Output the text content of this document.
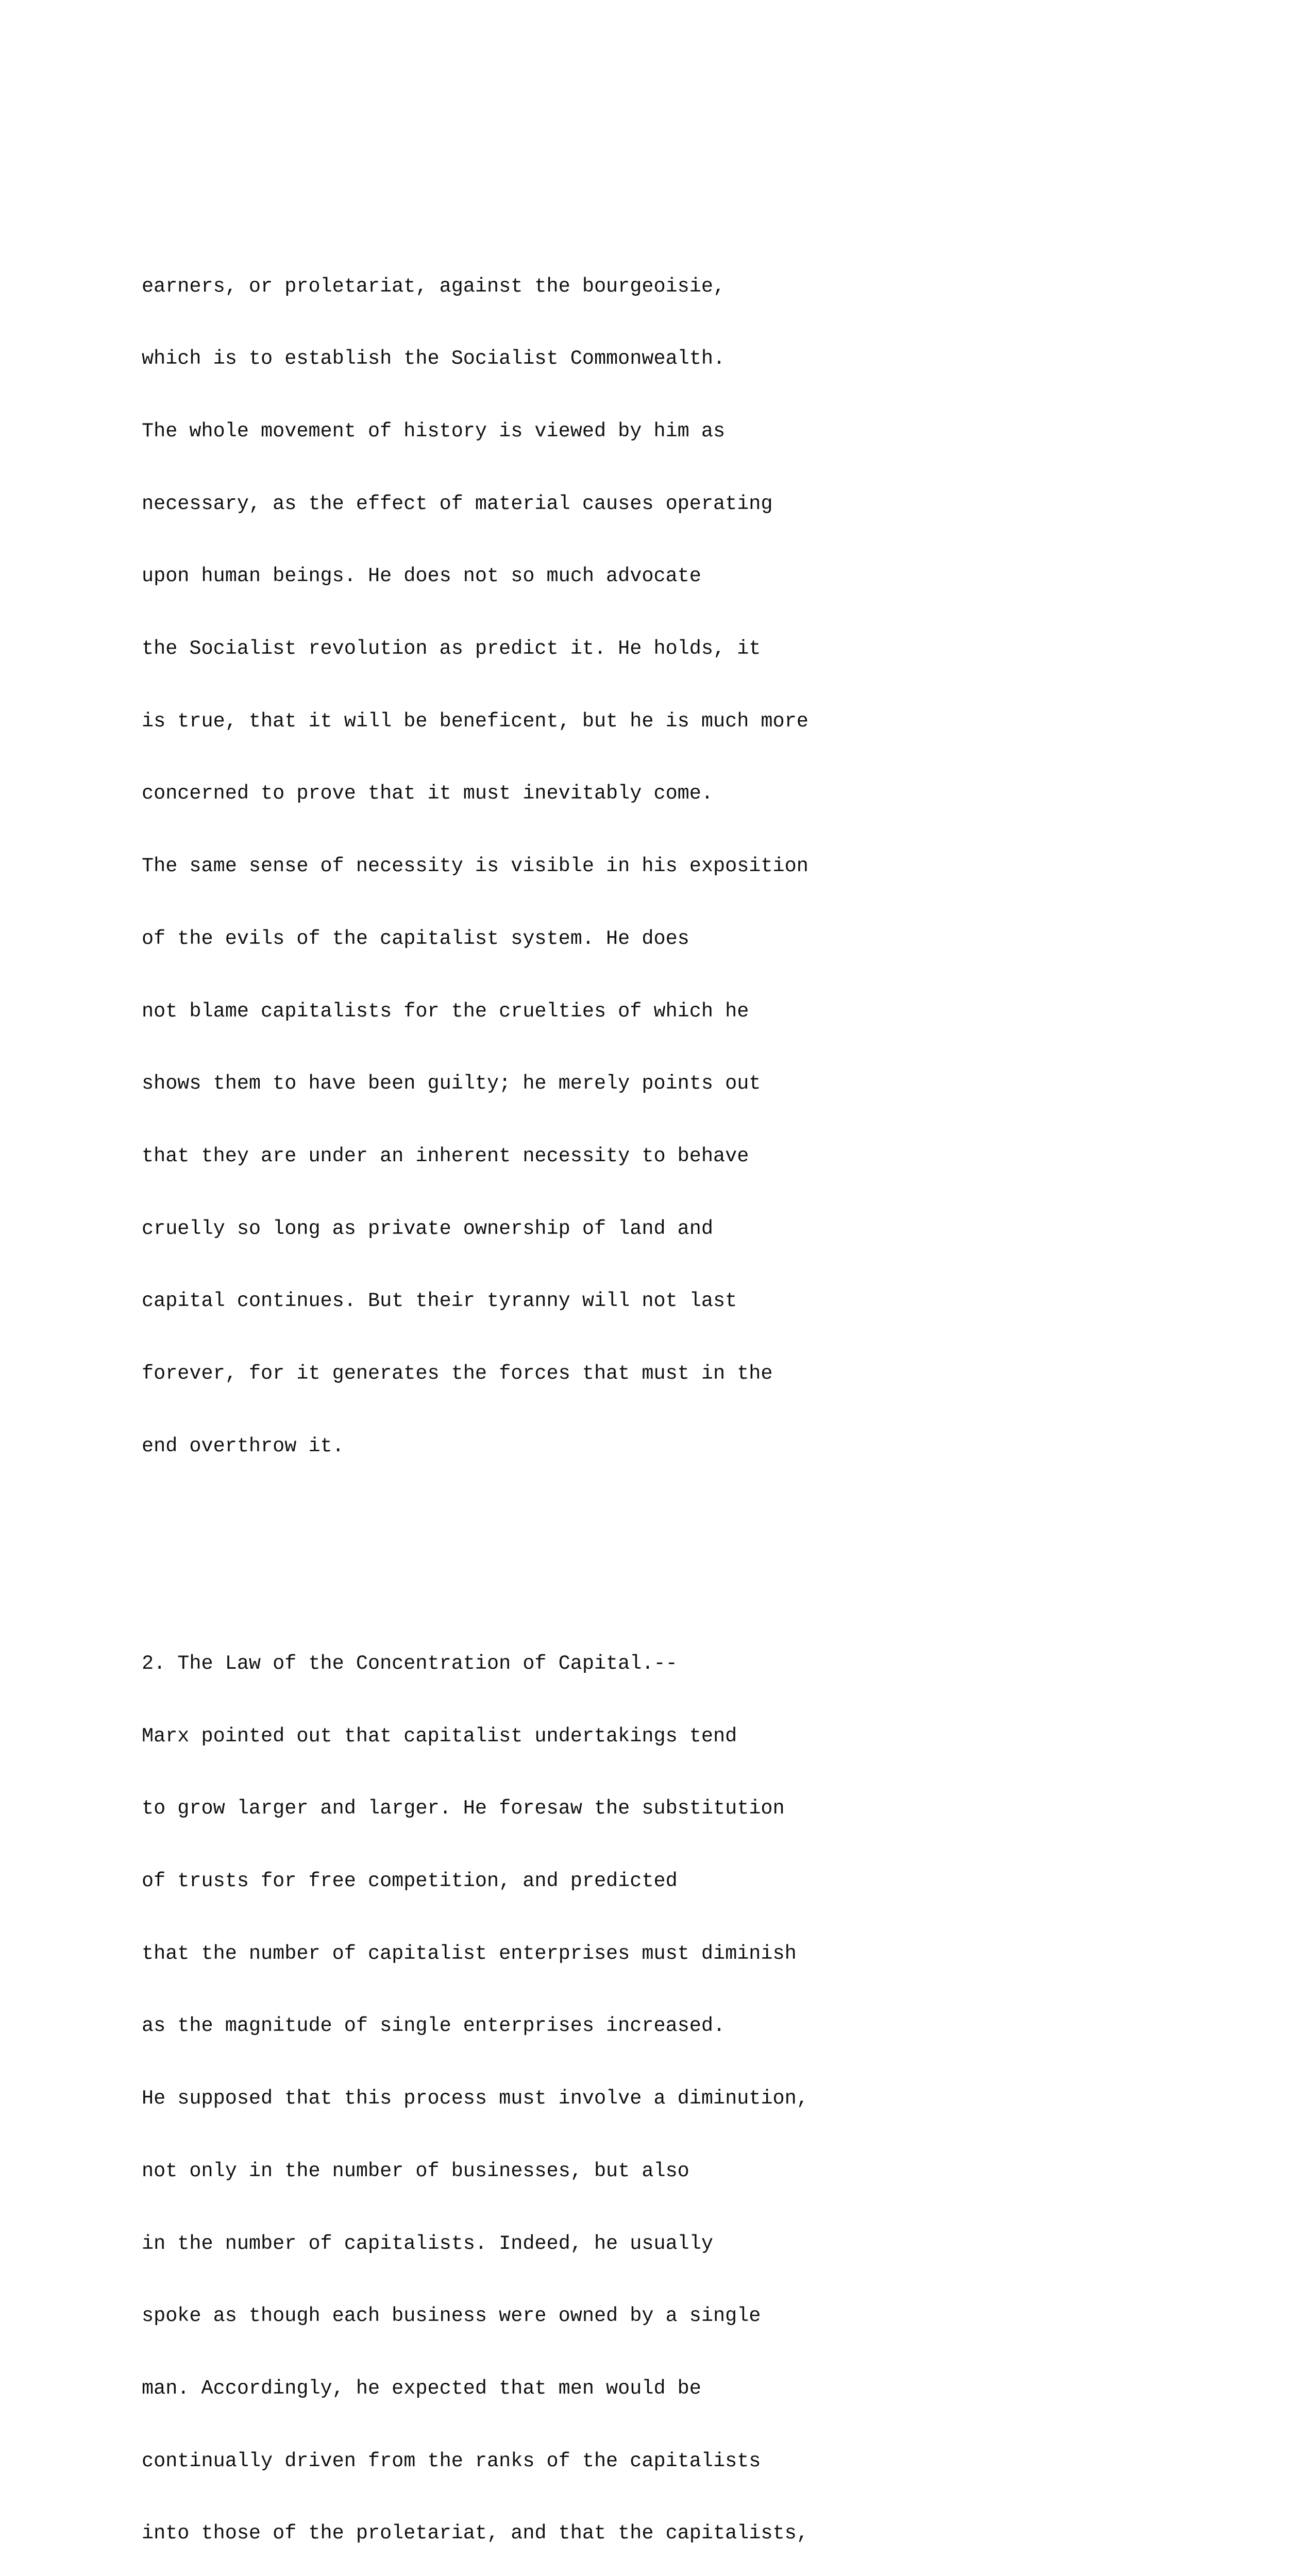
earners, or proletariat, against the bourgeoisie,

which is to establish the Socialist Commonwealth.

The whole movement of history is viewed by him as

necessary, as the effect of material causes operating

upon human beings. He does not so much advocate

the Socialist revolution as predict it. He holds, it

is true, that it will be beneficent, but he is much more

concerned to prove that it must inevitably come.

The same sense of necessity is visible in his exposition

of the evils of the capitalist system. He does

not blame capitalists for the cruelties of which he

shows them to have been guilty; he merely points out

that they are under an inherent necessity to behave

cruelly so long as private ownership of land and

capital continues. But their tyranny will not last

forever, for it generates the forces that must in the

end overthrow it.

2. The Law of the Concentration of Capital.--

Marx pointed out that capitalist undertakings tend

to grow larger and larger. He foresaw the substitution

of trusts for free competition, and predicted

that the number of capitalist enterprises must diminish

as the magnitude of single enterprises increased.

He supposed that this process must involve a diminution,

not only in the number of businesses, but also

in the number of capitalists. Indeed, he usually

spoke as though each business were owned by a single

man. Accordingly, he expected that men would be

continually driven from the ranks of the capitalists

into those of the proletariat, and that the capitalists,
